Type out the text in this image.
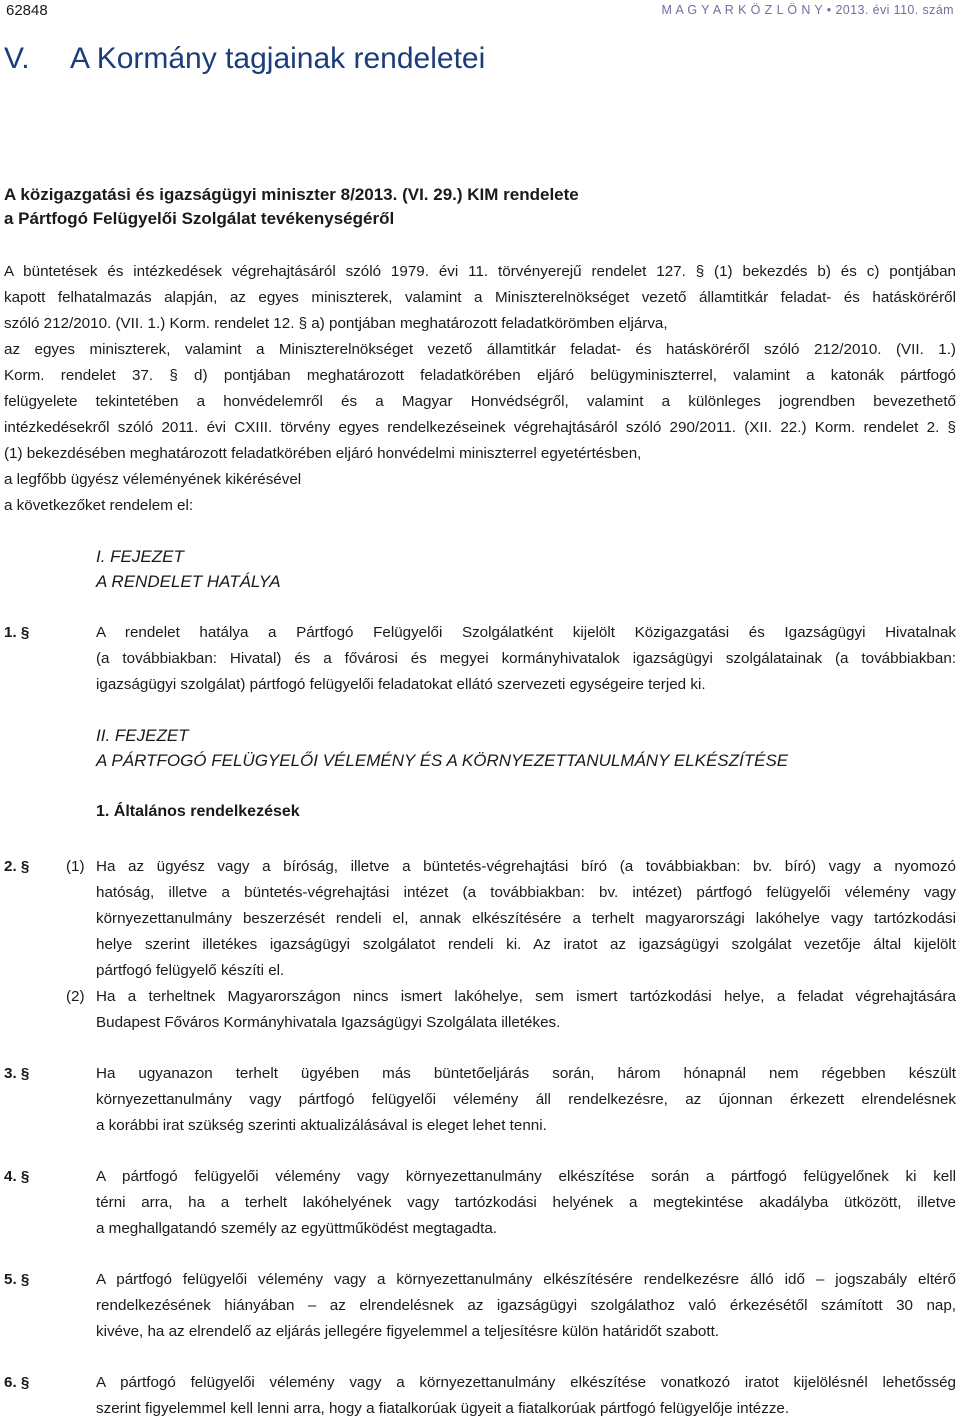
62848	M A G Y A R K Ö Z L Ö N Y • 2013. évi 110. szám
V. A Kormány tagjainak rendeletei
A közigazgatási és igazságügyi miniszter 8/2013. (VI. 29.) KIM rendelete
a Pártfogó Felügyelői Szolgálat tevékenységéről
A büntetések és intézkedések végrehajtásáról szóló 1979. évi 11. törvényerejű rendelet 127. § (1) bekezdés b) és c) pontjában
kapott felhatalmazás alapján, az egyes miniszterek, valamint a Miniszterelnökséget vezető államtitkár feladat- és hatásköréről
szóló 212/2010. (VII. 1.) Korm. rendelet 12. § a) pontjában meghatározott feladatkörömben eljárva,
az egyes miniszterek, valamint a Miniszterelnökséget vezető államtitkár feladat- és hatásköréről szóló 212/2010. (VII. 1.)
Korm. rendelet 37. § d) pontjában meghatározott feladatkörében eljáró belügyminiszterrel, valamint a katonák pártfogó
felügyelete tekintetében a honvédelemről és a Magyar Honvédségről, valamint a különleges jogrendben bevezethető
intézkedésekről szóló 2011. évi CXIII. törvény egyes rendelkezéseinek végrehajtásáról szóló 290/2011. (XII. 22.) Korm. rendelet 2. §
(1) bekezdésében meghatározott feladatkörében eljáró honvédelmi miniszterrel egyetértésben,
a legfőbb ügyész véleményének kikérésével
a következőket rendelem el:
I. FEJEZET
A RENDELET HATÁLYA
1. §	A rendelet hatálya a Pártfogó Felügyelői Szolgálatként kijelölt Közigazgatási és Igazságügyi Hivatalnak
(a továbbiakban: Hivatal) és a fővárosi és megyei kormányhivatalok igazságügyi szolgálatainak (a továbbiakban:
igazságügyi szolgálat) pártfogó felügyelői feladatokat ellátó szervezeti egységeire terjed ki.
II. FEJEZET
A PÁRTFOGÓ FELÜGYELŐI VÉLEMÉNY ÉS A KÖRNYEZETTANULMÁNY ELKÉSZÍTÉSE
1. Általános rendelkezések
2. § (1) Ha az ügyész vagy a bíróság, illetve a büntetés-végrehajtási bíró (a továbbiakban: bv. bíró) vagy a nyomozó
hatóság, illetve a büntetés-végrehajtási intézet (a továbbiakban: bv. intézet) pártfogó felügyelői vélemény vagy
környezettanulmány beszerzését rendeli el, annak elkészítésére a terhelt magyarországi lakóhelye vagy tartózkodási
helye szerint illetékes igazságügyi szolgálatot rendeli ki. Az iratot az igazságügyi szolgálat vezetője által kijelölt
pártfogó felügyelő készíti el.
(2) Ha a terheltnek Magyarországon nincs ismert lakóhelye, sem ismert tartózkodási helye, a feladat végrehajtására
Budapest Főváros Kormányhivatala Igazságügyi Szolgálata illetékes.
3. §	Ha ugyanazon terhelt ügyében más büntetőeljárás során, három hónapnál nem régebben készült
környezettanulmány vagy pártfogó felügyelői vélemény áll rendelkezésre, az újonnan érkezett elrendelésnek
a korábbi irat szükség szerinti aktualizálásával is eleget lehet tenni.
4. §	A pártfogó felügyelői vélemény vagy környezettanulmány elkészítése során a pártfogó felügyelőnek ki kell
térni arra, ha a terhelt lakóhelyének vagy tartózkodási helyének a megtekintése akadályba ütközött, illetve
a meghallgatandó személy az együttműködést megtagadta.
5. §	A pártfogó felügyelői vélemény vagy a környezettanulmány elkészítésére rendelkezésre álló idő – jogszabály eltérő
rendelkezésének hiányában – az elrendelésnek az igazságügyi szolgálathoz való érkezésétől számított 30 nap,
kivéve, ha az elrendelő az eljárás jellegére figyelemmel a teljesítésre külön határidőt szabott.
6. §	A pártfogó felügyelői vélemény vagy a környezettanulmány elkészítése vonatkozó iratot kijelölésnél lehetősség
szerint figyelemmel kell lenni arra, hogy a fiatalkorúak ügyeit a fiatalkorúak pártfogó felügyelője intézze.
